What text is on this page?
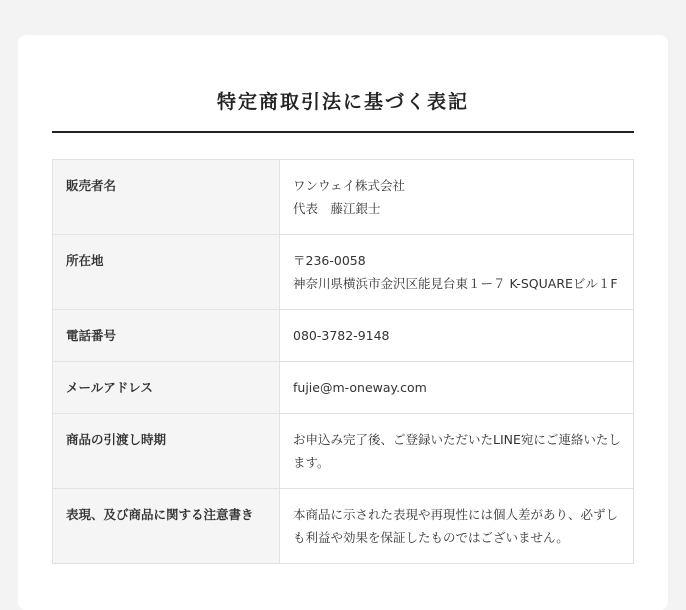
特定商取引法に基づく表記
販売者名	ワンウェイ株式会社
代表　藤江銀士

所在地	〒236-0058
神奈川県横浜市金沢区能見台東１ー７ K-SQUAREビル１F

電話番号	080-3782-9148

メールアドレス	fujie@m-oneway.com

商品の引渡し時期	お申込み完了後、ご登録いただいたLINE宛にご連絡いたします。

表現、及び商品に関する注意書き	本商品に示された表現や再現性には個人差があり、必ずしも利益や効果を保証したものではございません。
